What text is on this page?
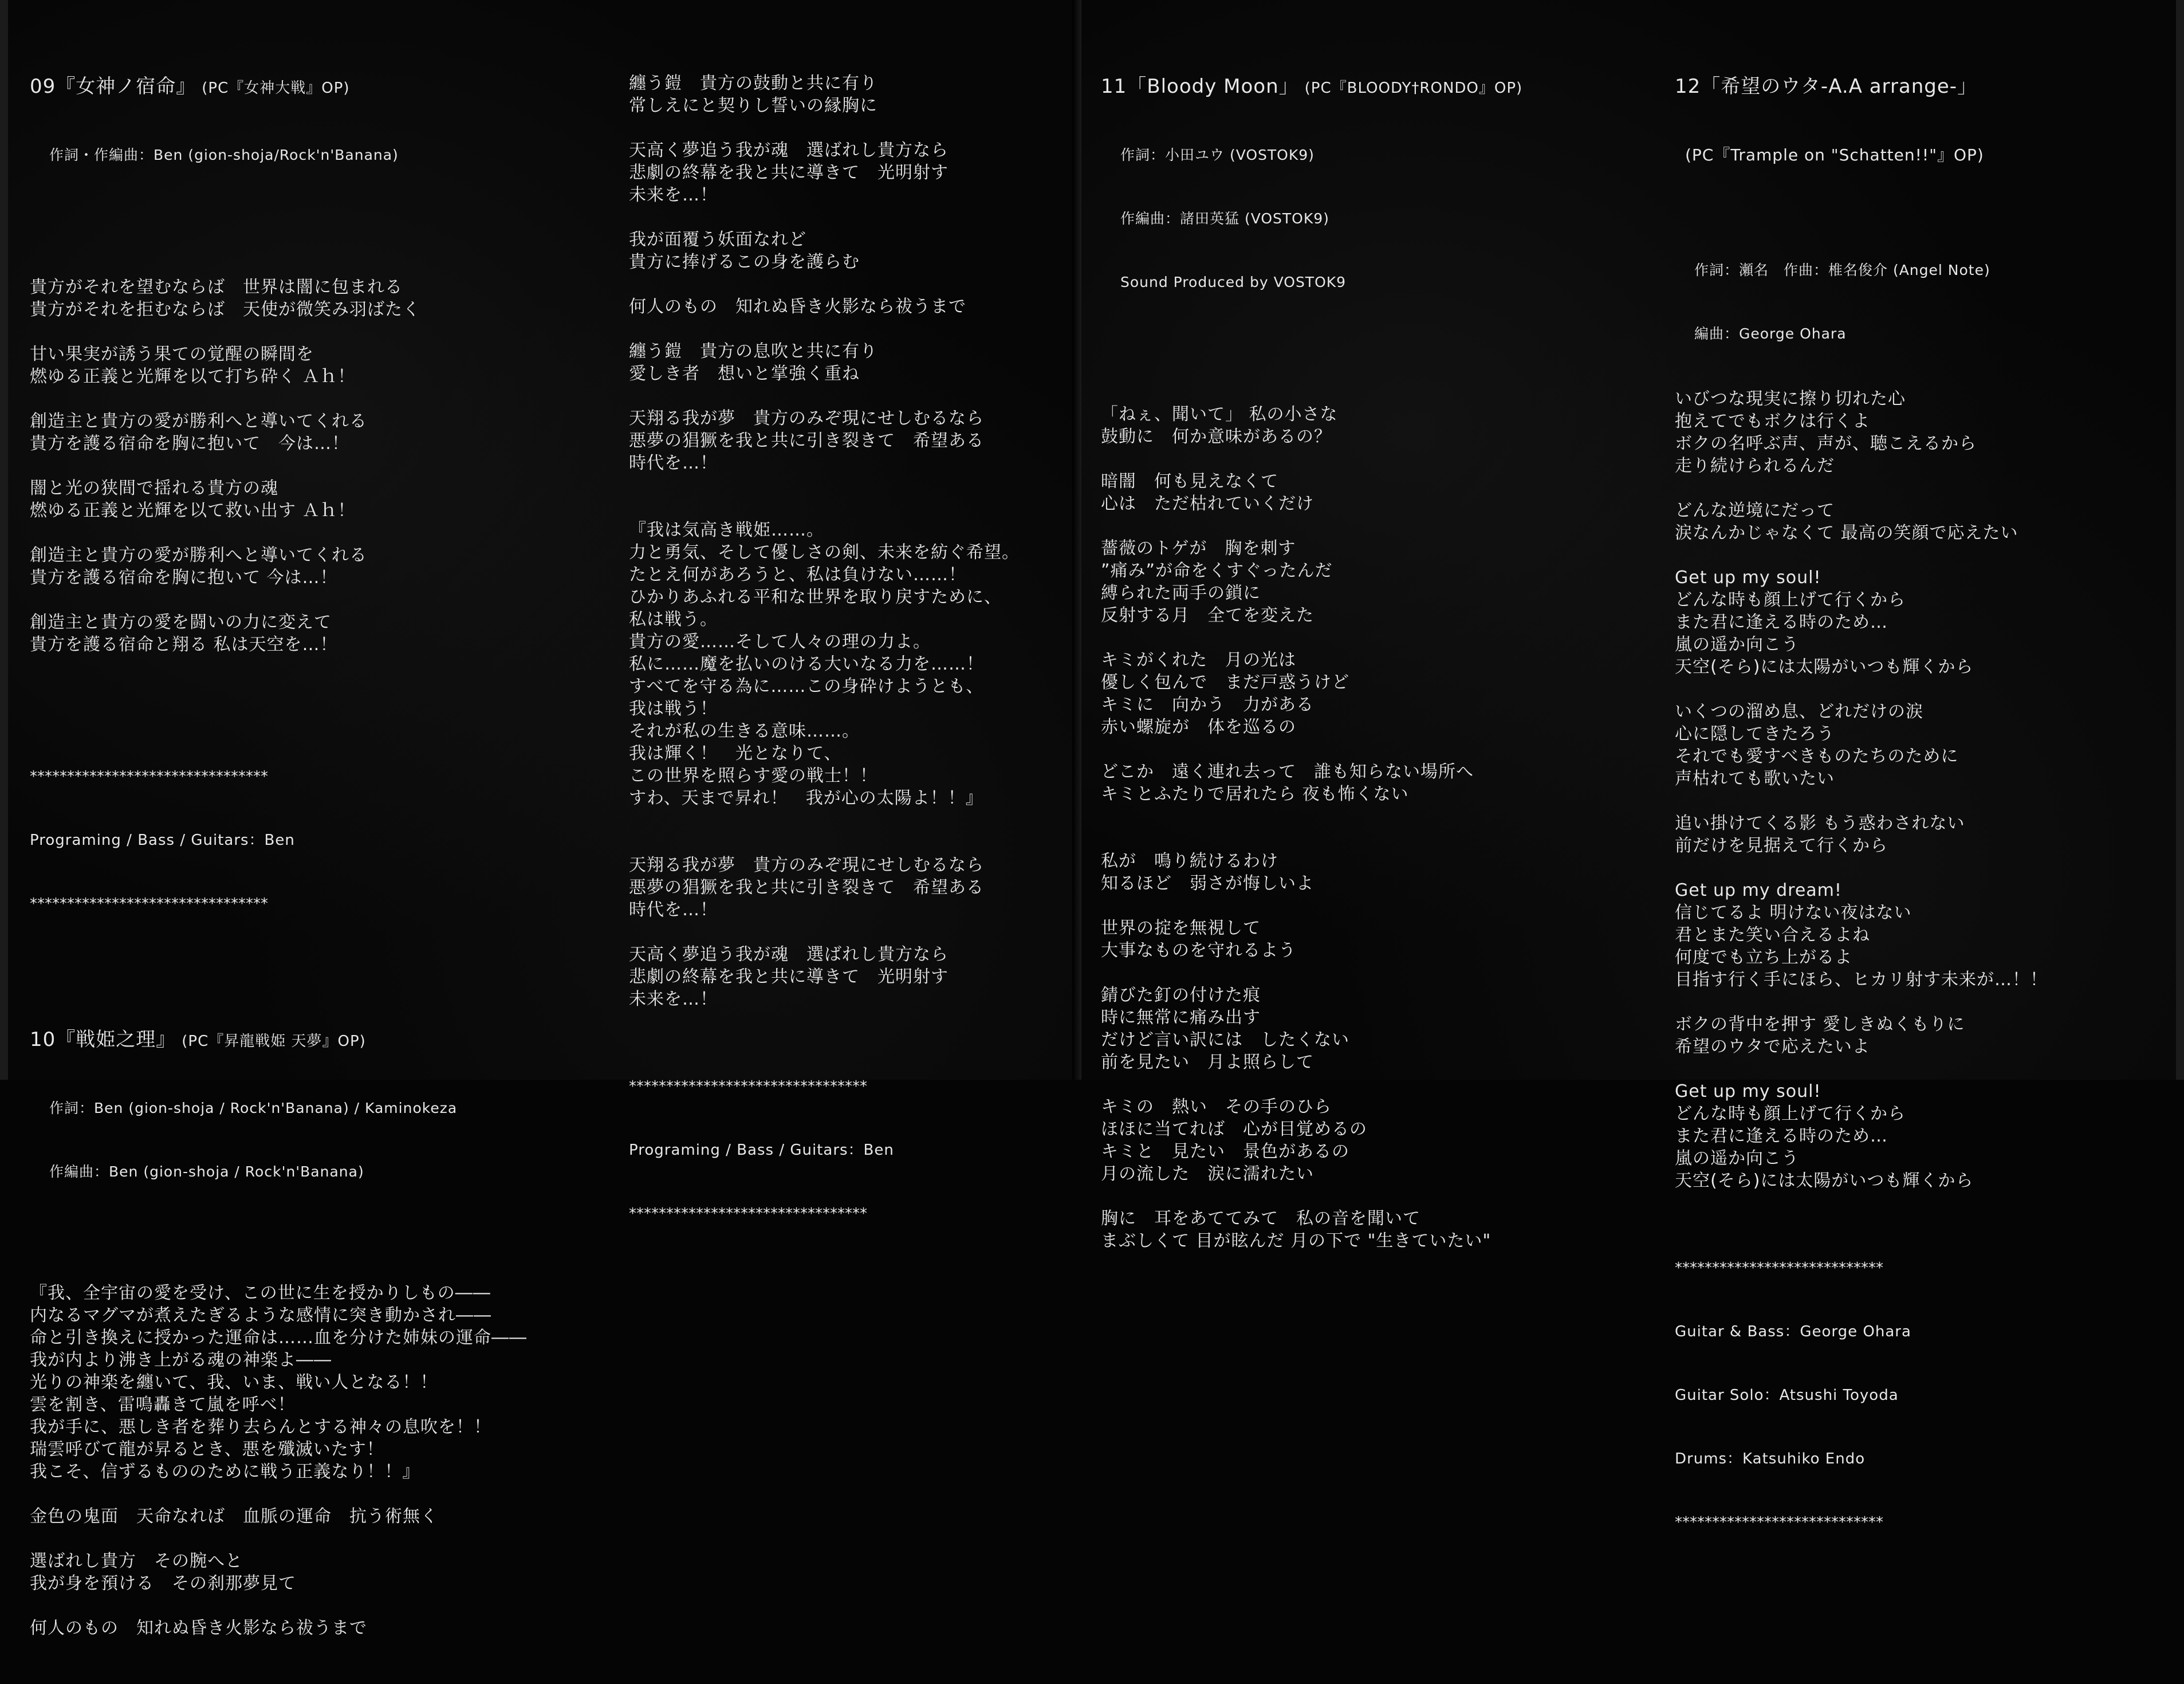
09『女神ノ宿命』 (PC『女神大戦』OP)

作詞・作編曲：Ben (gion-shoja/Rock'n'Banana)

貴方がそれを望むならば　世界は闇に包まれる
貴方がそれを拒むならば　天使が微笑み羽ばたく
甘い果実が誘う果ての覚醒の瞬間を
燃ゆる正義と光輝を以て打ち砕く Ａｈ！
創造主と貴方の愛が勝利へと導いてくれる
貴方を護る宿命を胸に抱いて　今は…！
闇と光の狭間で揺れる貴方の魂
燃ゆる正義と光輝を以て救い出す Ａｈ！
創造主と貴方の愛が勝利へと導いてくれる
貴方を護る宿命を胸に抱いて 今は…！
創造主と貴方の愛を闘いの力に変えて
貴方を護る宿命と翔る 私は天空を…！

********************************

Programing / Bass / Guitars：Ben

********************************

10『戦姫之理』 (PC『昇龍戦姫 天夢』OP)

作詞：Ben (gion-shoja / Rock'n'Banana) / Kaminokeza

作編曲：Ben (gion-shoja / Rock'n'Banana)

『我、全宇宙の愛を受け、この世に生を授かりしもの――
内なるマグマが煮えたぎるような感情に突き動かされ――
命と引き換えに授かった運命は……血を分けた姉妹の運命――
我が内より沸き上がる魂の神楽よ――
光りの神楽を纏いて、我、いま、戦い人となる！！
雲を割き、雷鳴轟きて嵐を呼べ！
我が手に、悪しき者を葬り去らんとする神々の息吹を！！
瑞雲呼びて龍が昇るとき、悪を殲滅いたす！
我こそ、信ずるもののために戦う正義なり！！』
金色の鬼面　天命なれば　血脈の運命　抗う術無く
選ばれし貴方　その腕へと
我が身を預ける　その刹那夢見て
何人のもの　知れぬ昏き火影なら祓うまで

纏う鎧　貴方の鼓動と共に有り
常しえにと契りし誓いの縁胸に
天高く夢追う我が魂　選ばれし貴方なら
悲劇の終幕を我と共に導きて　光明射す
未来を…！
我が面覆う妖面なれど
貴方に捧げるこの身を護らむ
何人のもの　知れぬ昏き火影なら祓うまで
纏う鎧　貴方の息吹と共に有り
愛しき者　想いと掌強く重ね
天翔る我が夢　貴方のみぞ現にせしむるなら
悪夢の猖獗を我と共に引き裂きて　希望ある
時代を…！
『我は気高き戦姫……。
力と勇気、そして優しさの剣、未来を紡ぐ希望。
たとえ何があろうと、私は負けない……！
ひかりあふれる平和な世界を取り戻すために、
私は戦う。
貴方の愛……そして人々の理の力よ。
私に……魔を払いのける大いなる力を……！
すべてを守る為に……この身砕けようとも、
我は戦う！
それが私の生きる意味……。
我は輝く！　光となりて、
この世界を照らす愛の戦士！！
すわ、天まで昇れ！　我が心の太陽よ！！』
天翔る我が夢　貴方のみぞ現にせしむるなら
悪夢の猖獗を我と共に引き裂きて　希望ある
時代を…！
天高く夢追う我が魂　選ばれし貴方なら
悲劇の終幕を我と共に導きて　光明射す
未来を…！

********************************

Programing / Bass / Guitars：Ben

********************************

11「Bloody Moon」 (PC『BLOODY†RONDO』OP)

作詞：小田ユウ (VOSTOK9)

作編曲：諸田英猛 (VOSTOK9)

Sound Produced by VOSTOK9

「ねぇ、聞いて」 私の小さな
鼓動に　何か意味があるの？
暗闇　何も見えなくて
心は　ただ枯れていくだけ
薔薇のトゲが　胸を刺す
”痛み”が命をくすぐったんだ
縛られた両手の鎖に
反射する月　全てを変えた
キミがくれた　月の光は
優しく包んで　まだ戸惑うけど
キミに　向かう　力がある
赤い螺旋が　体を巡るの
どこか　遠く連れ去って　誰も知らない場所へ
キミとふたりで居れたら 夜も怖くない
私が　鳴り続けるわけ
知るほど　弱さが悔しいよ
世界の掟を無視して
大事なものを守れるよう
錆びた釘の付けた痕
時に無常に痛み出す
だけど言い訳には　したくない
前を見たい　月よ照らして
キミの　熱い　その手のひら
ほほに当てれば　心が目覚めるの
キミと　見たい　景色があるの
月の流した　涙に濡れたい
胸に　耳をあててみて　私の音を聞いて
まぶしくて 目が眩んだ 月の下で "生きていたい"

12「希望のウタ-A.A arrange-」

(PC『Trample on "Schatten!!"』OP)

作詞：瀬名　作曲：椎名俊介 (Angel Note)

編曲：George Ohara

いびつな現実に擦り切れた心
抱えてでもボクは行くよ
ボクの名呼ぶ声、声が、聴こえるから
走り続けられるんだ
どんな逆境にだって
涙なんかじゃなくて 最高の笑顔で応えたい
Get up my soul!
どんな時も顔上げて行くから
また君に逢える時のため…
嵐の遥か向こう
天空(そら)には太陽がいつも輝くから
いくつの溜め息、どれだけの涙
心に隠してきたろう
それでも愛すべきものたちのために
声枯れても歌いたい
追い掛けてくる影 もう惑わされない
前だけを見据えて行くから
Get up my dream!
信じてるよ 明けない夜はない
君とまた笑い合えるよね
何度でも立ち上がるよ
目指す行く手にほら、ヒカリ射す未来が…！！
ボクの背中を押す 愛しきぬくもりに
希望のウタで応えたいよ
Get up my soul!
どんな時も顔上げて行くから
また君に逢える時のため…
嵐の遥か向こう
天空(そら)には太陽がいつも輝くから

****************************

Guitar & Bass：George Ohara

Guitar Solo：Atsushi Toyoda

Drums：Katsuhiko Endo

****************************
